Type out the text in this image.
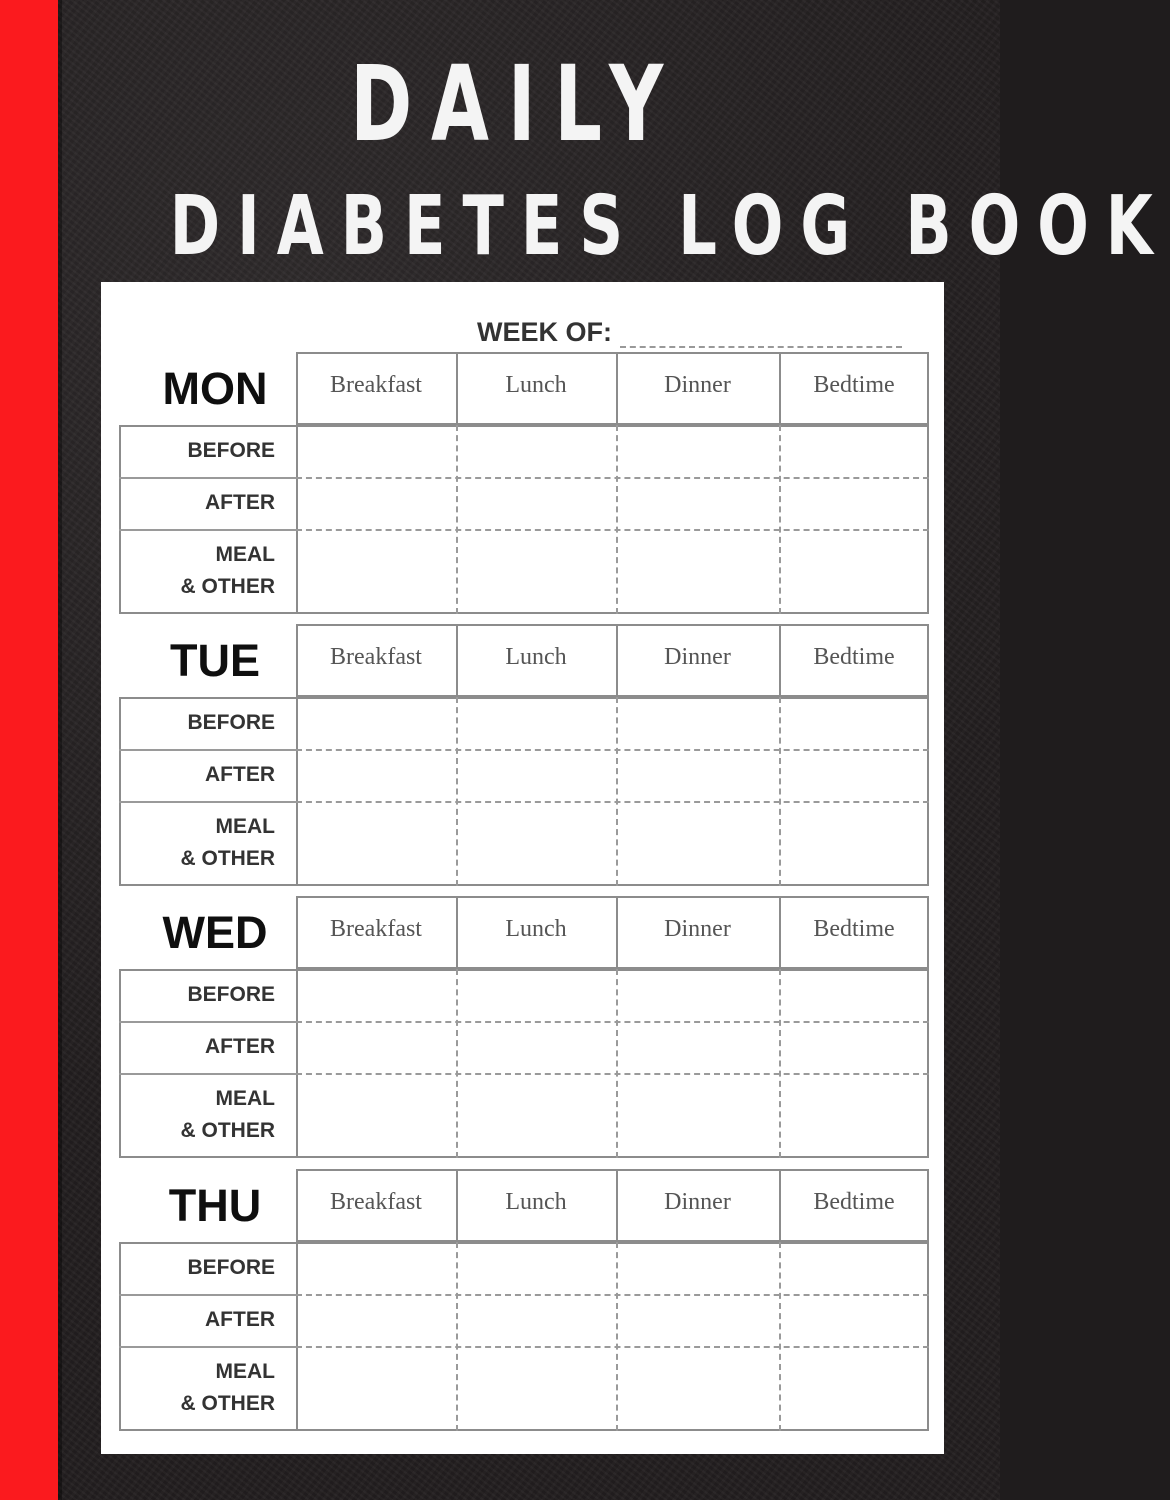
DAILY
DIABETES LOG BOOK
WEEK OF:
MON	Breakfast	Lunch	Dinner	Bedtime
BEFORE
AFTER
MEAL
& OTHER
TUE	Breakfast	Lunch	Dinner	Bedtime
BEFORE
AFTER
MEAL
& OTHER
WED	Breakfast	Lunch	Dinner	Bedtime
BEFORE
AFTER
MEAL
& OTHER
THU	Breakfast	Lunch	Dinner	Bedtime
BEFORE
AFTER
MEAL
& OTHER
